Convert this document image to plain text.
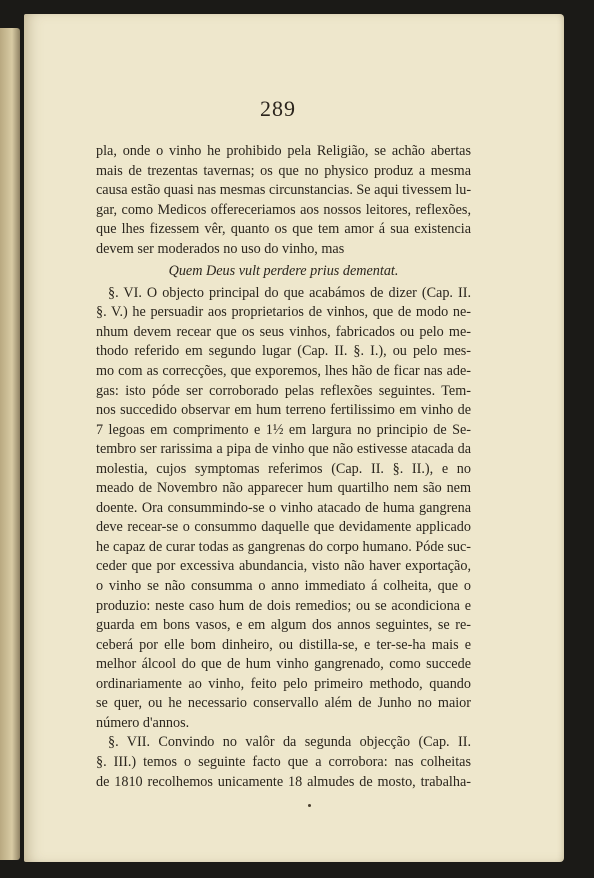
289
pla, onde o vinho he prohibido pela Religião, se achão abertas
mais de trezentas tavernas; os que no physico produz a mesma
causa estão quasi nas mesmas circunstancias. Se aqui tivessem lu-
gar, como Medicos offereceriamos aos nossos leitores, reflexões,
que lhes fizessem vêr, quanto os que tem amor á sua existencia
devem ser moderados no uso do vinho, mas
Quem Deus vult perdere prius dementat.
§. VI. O objecto principal do que acabámos de dizer (Cap. II.
§. V.) he persuadir aos proprietarios de vinhos, que de modo ne-
nhum devem recear que os seus vinhos, fabricados ou pelo me-
thodo referido em segundo lugar (Cap. II. §. I.), ou pelo mes-
mo com as correcções, que exporemos, lhes hão de ficar nas ade-
gas: isto póde ser corroborado pelas reflexões seguintes. Tem-
nos succedido observar em hum terreno fertilissimo em vinho de
7 legoas em comprimento e 1½ em largura no principio de Se-
tembro ser rarissima a pipa de vinho que não estivesse atacada da
molestia, cujos symptomas referimos (Cap. II. §. II.), e no
meado de Novembro não apparecer hum quartilho nem são nem
doente. Ora consummindo-se o vinho atacado de huma gangrena
deve recear-se o consummo daquelle que devidamente applicado
he capaz de curar todas as gangrenas do corpo humano. Póde suc-
ceder que por excessiva abundancia, visto não haver exportação,
o vinho se não consumma o anno immediato á colheita, que o
produzio: neste caso hum de dois remedios; ou se acondiciona e
guarda em bons vasos, e em algum dos annos seguintes, se re-
ceberá por elle bom dinheiro, ou distilla-se, e ter-se-ha mais e
melhor álcool do que de hum vinho gangrenado, como succede
ordinariamente ao vinho, feito pelo primeiro methodo, quando
se quer, ou he necessario conservallo além de Junho no maior
número d'annos.
§. VII. Convindo no valôr da segunda objecção (Cap. II.
§. III.) temos o seguinte facto que a corrobora: nas colheitas
de 1810 recolhemos unicamente 18 almudes de mosto, trabalha-
